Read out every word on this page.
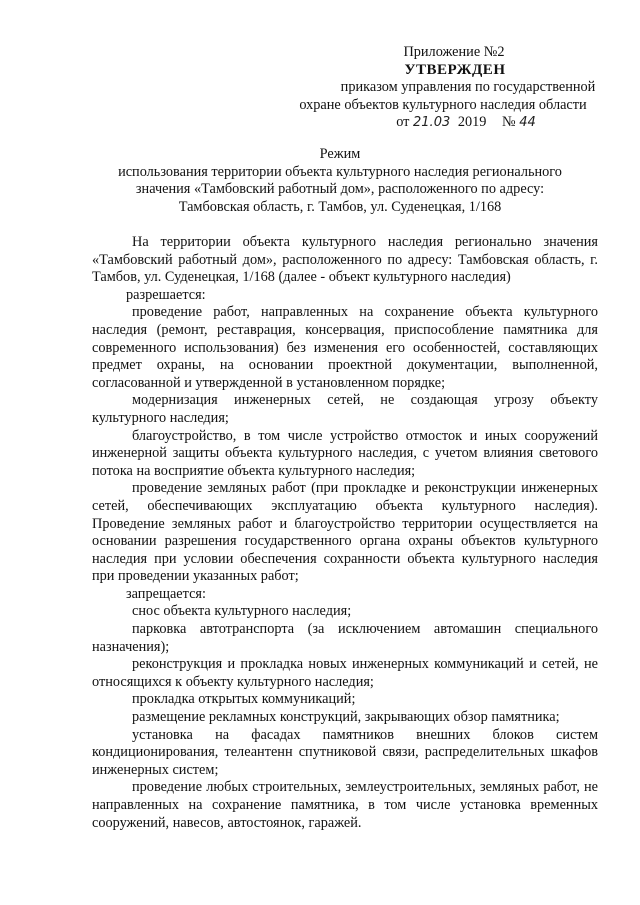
Приложение №2
УТВЕРЖДЕН
приказом управления по государственной
охране объектов культурного наследия области
от 21.03 2019 № 44
Режим
использования территории объекта культурного наследия регионального
значения «Тамбовский работный дом», расположенного по адресу:
Тамбовская область, г. Тамбов, ул. Суденецкая, 1/168
На территории объекта культурного наследия регионально значения «Тамбовский работный дом», расположенного по адресу: Тамбовская область, г. Тамбов, ул. Суденецкая, 1/168 (далее - объект культурного наследия)
разрешается:
проведение работ, направленных на сохранение объекта культурного наследия (ремонт, реставрация, консервация, приспособление памятника для современного использования) без изменения его особенностей, составляющих предмет охраны, на основании проектной документации, выполненной, согласованной и утвержденной в установленном порядке;
модернизация инженерных сетей, не создающая угрозу объекту культурного наследия;
благоустройство, в том числе устройство отмосток и иных сооружений инженерной защиты объекта культурного наследия, с учетом влияния светового потока на восприятие объекта культурного наследия;
проведение земляных работ (при прокладке и реконструкции инженерных сетей, обеспечивающих эксплуатацию объекта культурного наследия). Проведение земляных работ и благоустройство территории осуществляется на основании разрешения государственного органа охраны объектов культурного наследия при условии обеспечения сохранности объекта культурного наследия при проведении указанных работ;
запрещается:
снос объекта культурного наследия;
парковка автотранспорта (за исключением автомашин специального назначения);
реконструкция и прокладка новых инженерных коммуникаций и сетей, не относящихся к объекту культурного наследия;
прокладка открытых коммуникаций;
размещение рекламных конструкций, закрывающих обзор памятника;
установка на фасадах памятников внешних блоков систем кондиционирования, телеантенн спутниковой связи, распределительных шкафов инженерных систем;
проведение любых строительных, землеустроительных, земляных работ, не направленных на сохранение памятника, в том числе установка временных сооружений, навесов, автостоянок, гаражей.
